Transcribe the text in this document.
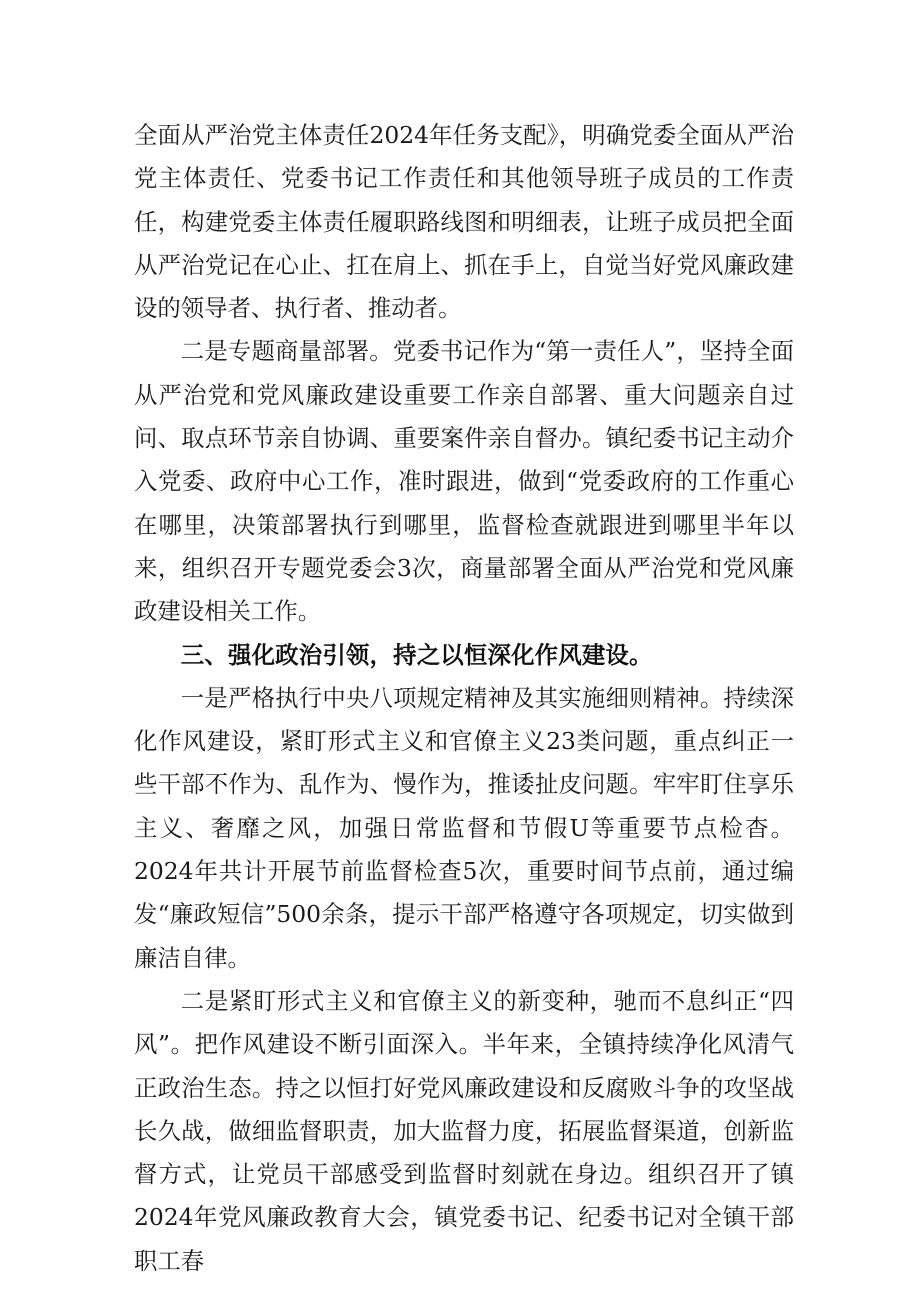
全面从严治党主体责任2024年任务支配》，明确党委全面从严治党主体责任、党委书记工作责任和其他领导班子成员的工作责任，构建党委主体责任履职路线图和明细表，让班子成员把全面从严治党记在心止、扛在肩上、抓在手上，自觉当好党风廉政建设的领导者、执行者、推动者。

二是专题商量部署。党委书记作为“第一责任人”，坚持全面从严治党和党风廉政建设重要工作亲自部署、重大问题亲自过问、取点环节亲自协调、重要案件亲自督办。镇纪委书记主动介入党委、政府中心工作，准时跟进，做到“党委政府的工作重心在哪里，决策部署执行到哪里，监督检查就跟进到哪里半年以来，组织召开专题党委会3次，商量部署全面从严治党和党风廉政建设相关工作。

三、强化政治引领，持之以恒深化作风建设。

一是严格执行中央八项规定精神及其实施细则精神。持续深化作风建设，紧盯形式主义和官僚主义23类问题，重点纠正一些干部不作为、乱作为、慢作为，推诿扯皮问题。牢牢盯住享乐主义、奢靡之风，加强日常监督和节假U等重要节点检杳。2024年共计开展节前监督检查5次，重要时间节点前，通过编发“廉政短信”500余条，提示干部严格遵守各项规定，切实做到廉洁自律。

二是紧盯形式主义和官僚主义的新变种，驰而不息纠正“四风”。把作风建设不断引面深入。半年来，全镇持续净化风清气正政治生态。持之以恒打好党风廉政建设和反腐败斗争的攻坚战长久战，做细监督职责，加大监督力度，拓展监督渠道，创新监督方式，让党员干部感受到监督时刻就在身边。组织召开了镇2024年党风廉政教育大会，镇党委书记、纪委书记对全镇干部职工春
